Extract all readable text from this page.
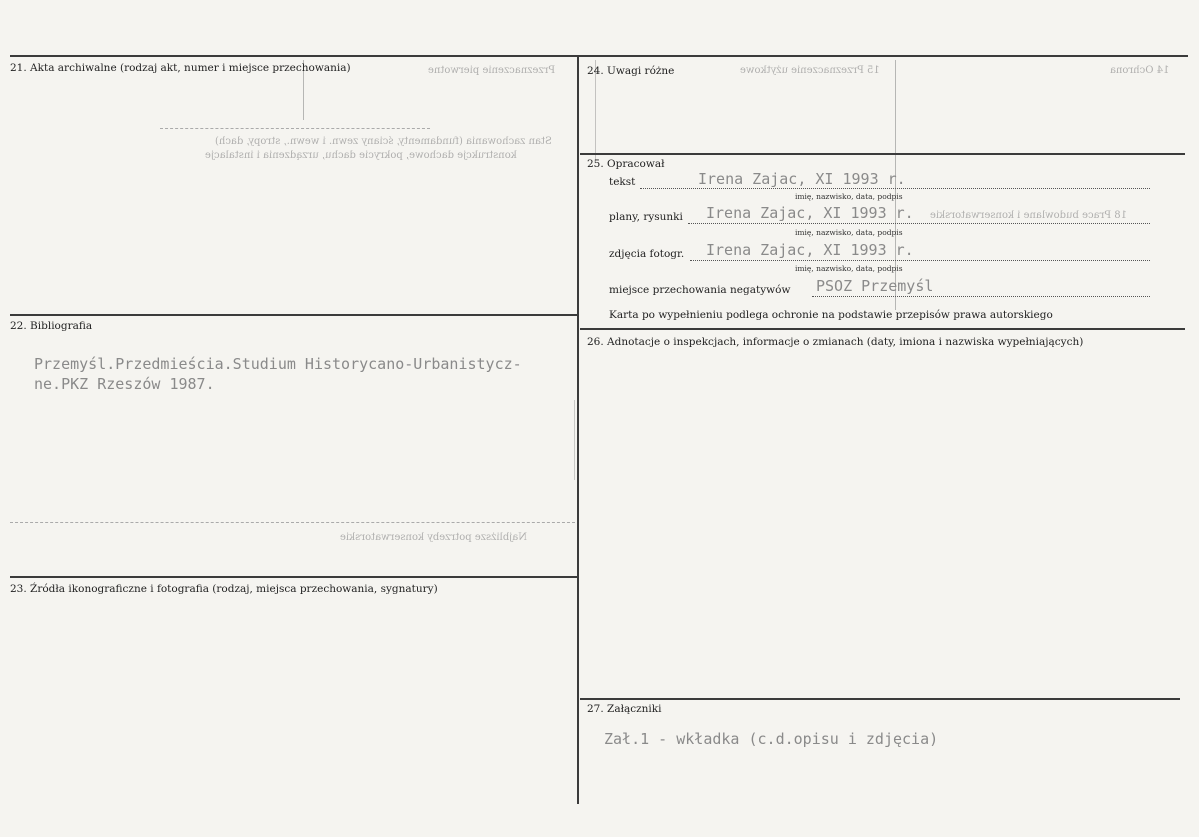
Przeznaczenie pierwotne
Stan zachowania (fundamenty, ściany zewn. i wewn., stropy, dach)
konstrukcje dachowe, pokrycie dachu, urządzenia i instalacje
15 Przeznaczenie użytkowe	14 Ochrona
18 Prace budowlane i konserwatorskie
Najbliższe potrzeby konserwatorskie
21. Akta archiwalne (rodzaj akt, numer i miejsce przechowania)
22. Bibliografia
Przemyśl.Przedmieścia.Studium Historycano-Urbanistycz-
ne.PKZ Rzeszów 1987.
23. Źródła ikonograficzne i fotografia (rodzaj, miejsca przechowania, sygnatury)
24. Uwagi różne
25. Opracował
tekst	Irena Zajac, XI 1993 r.
imię, nazwisko, data, podpis
plany, rysunki Irena Zajac, XI 1993 r.
imię, nazwisko, data, podpis
zdjęcia fotogr. Irena Zajac, XI 1993 r.
imię, nazwisko, data, podpis
miejsce przechowania negatywów PSOZ Przemyśl
Karta po wypełnieniu podlega ochronie na podstawie przepisów prawa autorskiego
26. Adnotacje o inspekcjach, informacje o zmianach (daty, imiona i nazwiska wypełniających)
27. Załączniki
Zał.1 - wkładka (c.d.opisu i zdjęcia)
